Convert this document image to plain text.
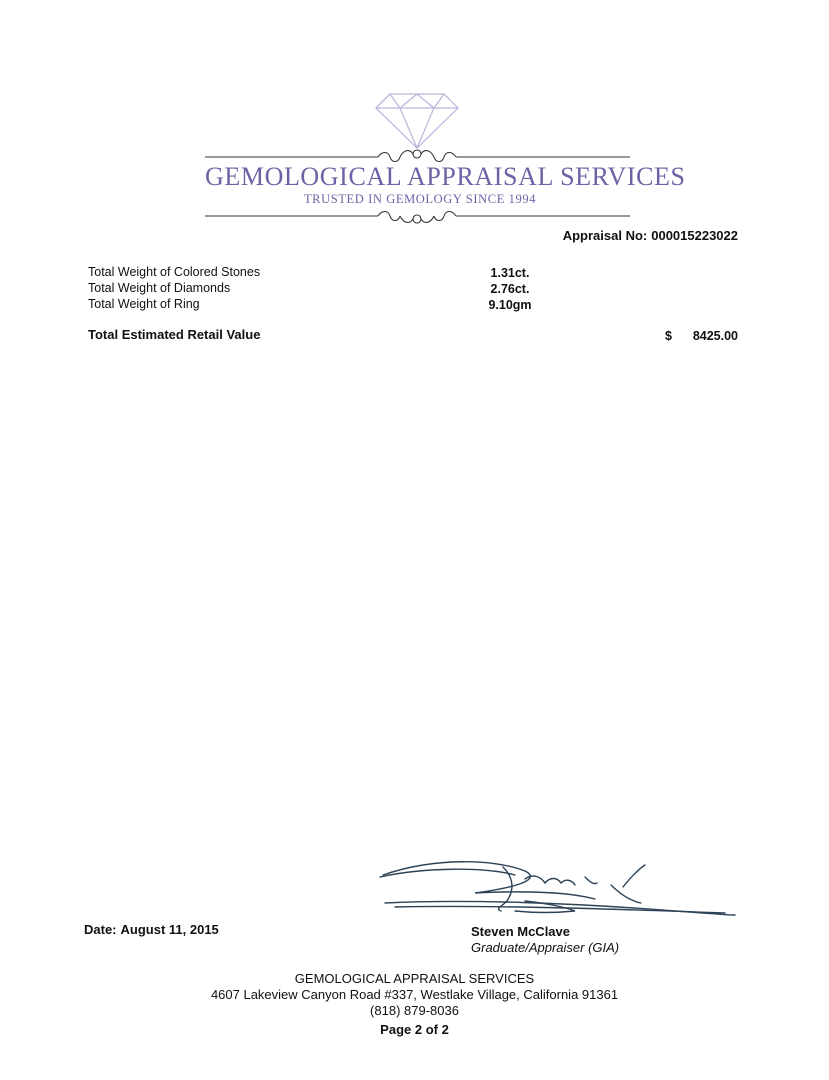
GEMOLOGICAL APPRAISAL SERVICES
TRUSTED IN GEMOLOGY SINCE 1994
Appraisal No: 000015223022
Total Weight of Colored Stones	1.31ct.
Total Weight of Diamonds	2.76ct.
Total Weight of Ring	9.10gm
Total Estimated Retail Value	$	8425.00
Date: August 11, 2015	Steven McClave
Graduate/Appraiser (GIA)
GEMOLOGICAL APPRAISAL SERVICES
4607 Lakeview Canyon Road #337, Westlake Village, California 91361
(818) 879-8036
Page 2 of 2
